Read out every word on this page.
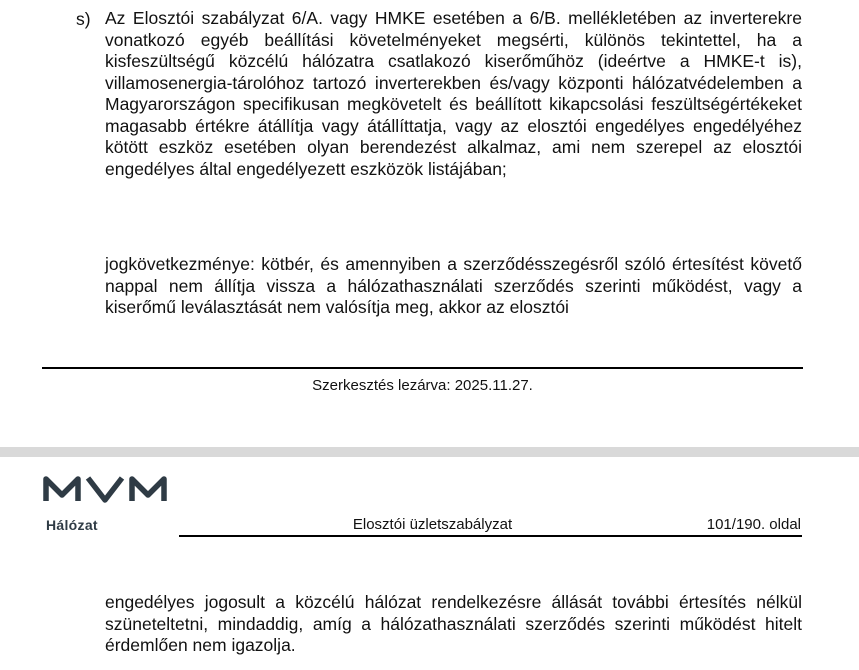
s) Az Elosztói szabályzat 6/A. vagy HMKE esetében a 6/B. mellékletében az inverterekre vonatkozó egyéb beállítási követelményeket megsérti, különös tekintettel, ha a kisfeszültségű közcélú hálózatra csatlakozó kiserőműhöz (ideértve a HMKE-t is), villamosenergia-tárolóhoz tartozó inverterekben és/vagy központi hálózatvédelemben a Magyarországon specifikusan megkövetelt és beállított kikapcsolási feszültségértékeket magasabb értékre átállítja vagy átállíttatja, vagy az elosztói engedélyes engedélyéhez kötött eszköz esetében olyan berendezést alkalmaz, ami nem szerepel az elosztói engedélyes által engedélyezett eszközök listájában;

jogkövetkezménye: kötbér, és amennyiben a szerződésszegésről szóló értesítést követő nappal nem állítja vissza a hálózathasználati szerződés szerinti működést, vagy a kiserőmű leválasztását nem valósítja meg, akkor az elosztói

Szerkesztés lezárva: 2025.11.27.
Hálózat	Elosztói üzletszabályzat	101/190. oldal

engedélyes jogosult a közcélú hálózat rendelkezésre állását további értesítés nélkül szüneteltetni, mindaddig, amíg a hálózathasználati szerződés szerinti működést hitelt érdemlően nem igazolja.
